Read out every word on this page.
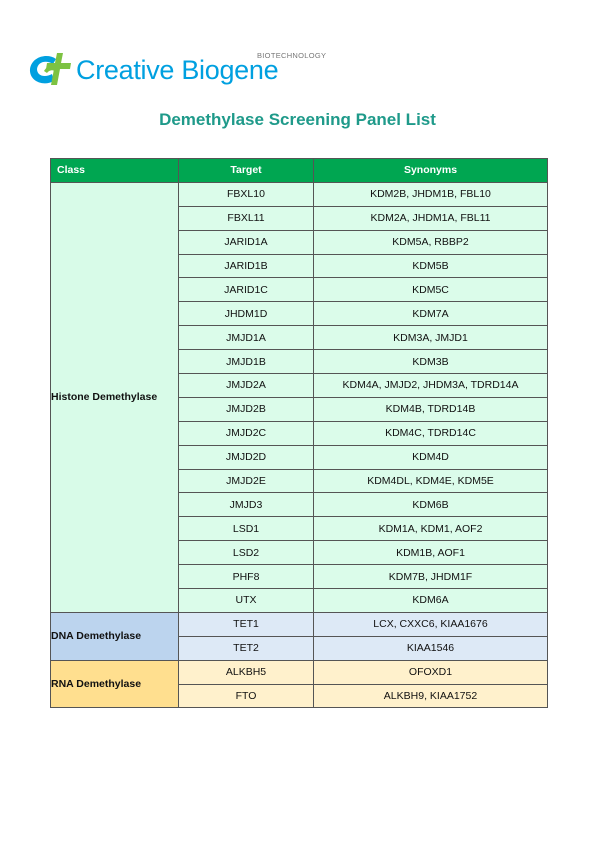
Creative Biogene
BIOTECHNOLOGY
Demethylase Screening Panel List
Class	Target	Synonyms
Histone Demethylase	FBXL10	KDM2B, JHDM1B, FBL10
	FBXL11	KDM2A, JHDM1A, FBL11
	JARID1A	KDM5A, RBBP2
	JARID1B	KDM5B
	JARID1C	KDM5C
	JHDM1D	KDM7A
	JMJD1A	KDM3A, JMJD1
	JMJD1B	KDM3B
	JMJD2A	KDM4A, JMJD2, JHDM3A, TDRD14A
	JMJD2B	KDM4B, TDRD14B
	JMJD2C	KDM4C, TDRD14C
	JMJD2D	KDM4D
	JMJD2E	KDM4DL, KDM4E, KDM5E
	JMJD3	KDM6B
	LSD1	KDM1A, KDM1, AOF2
	LSD2	KDM1B, AOF1
	PHF8	KDM7B, JHDM1F
	UTX	KDM6A
DNA Demethylase	TET1	LCX, CXXC6, KIAA1676
	TET2	KIAA1546
RNA Demethylase	ALKBH5	OFOXD1
	FTO	ALKBH9, KIAA1752
